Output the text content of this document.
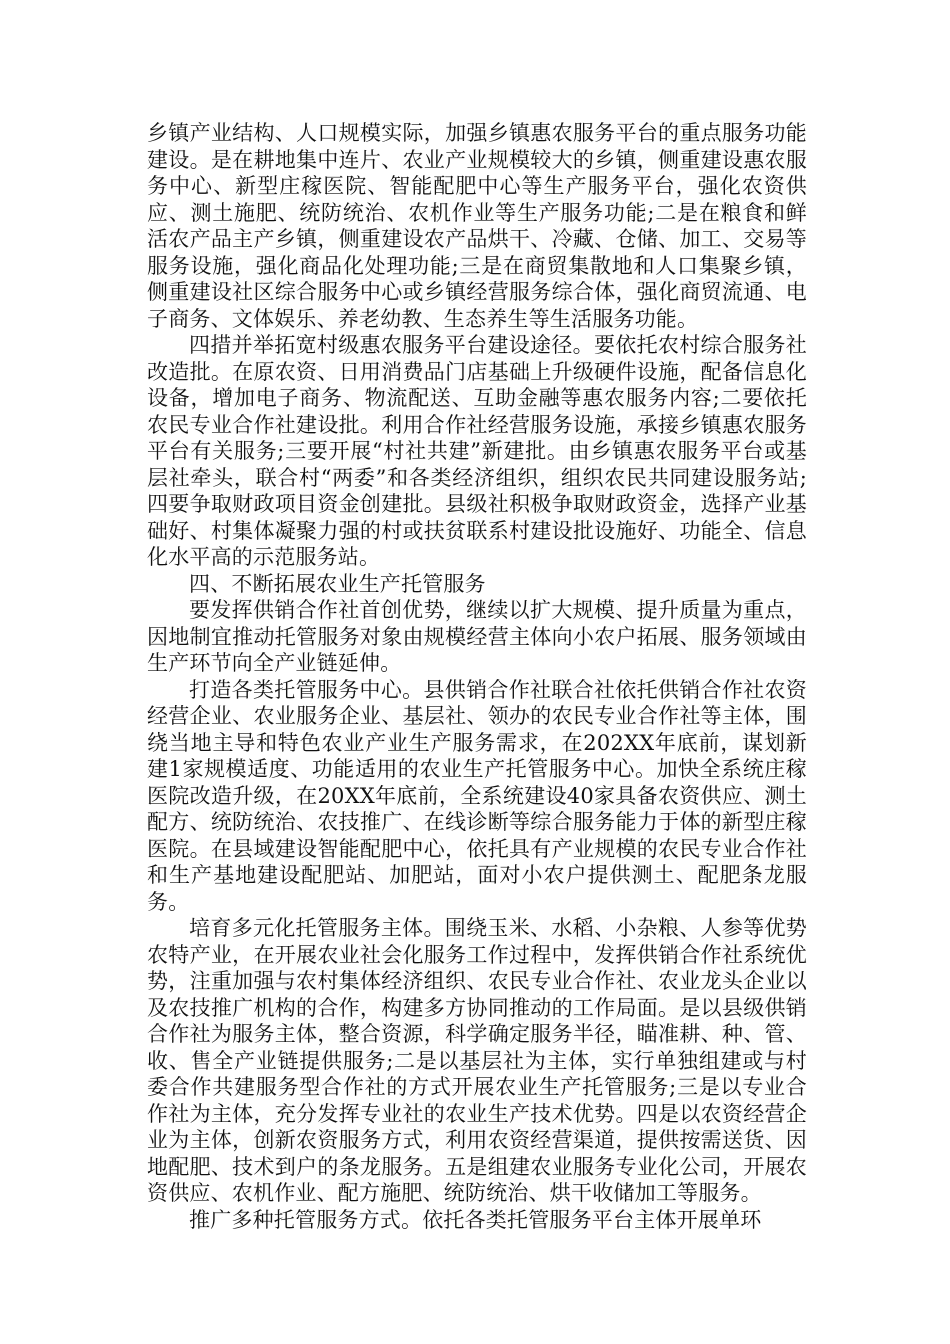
乡镇产业结构、人口规模实际，加强乡镇惠农服务平台的重点服务功能建设。是在耕地集中连片、农业产业规模较大的乡镇，侧重建设惠农服务中心、新型庄稼医院、智能配肥中心等生产服务平台，强化农资供应、测土施肥、统防统治、农机作业等生产服务功能;二是在粮食和鲜活农产品主产乡镇，侧重建设农产品烘干、冷藏、仓储、加工、交易等服务设施，强化商品化处理功能;三是在商贸集散地和人口集聚乡镇，侧重建设社区综合服务中心或乡镇经营服务综合体，强化商贸流通、电子商务、文体娱乐、养老幼教、生态养生等生活服务功能。

四措并举拓宽村级惠农服务平台建设途径。要依托农村综合服务社改造批。在原农资、日用消费品门店基础上升级硬件设施，配备信息化设备，增加电子商务、物流配送、互助金融等惠农服务内容;二要依托农民专业合作社建设批。利用合作社经营服务设施，承接乡镇惠农服务平台有关服务;三要开展“村社共建”新建批。由乡镇惠农服务平台或基层社牵头，联合村“两委”和各类经济组织，组织农民共同建设服务站;四要争取财政项目资金创建批。县级社积极争取财政资金，选择产业基础好、村集体凝聚力强的村或扶贫联系村建设批设施好、功能全、信息化水平高的示范服务站。

四、不断拓展农业生产托管服务

要发挥供销合作社首创优势，继续以扩大规模、提升质量为重点，因地制宜推动托管服务对象由规模经营主体向小农户拓展、服务领域由生产环节向全产业链延伸。

打造各类托管服务中心。县供销合作社联合社依托供销合作社农资经营企业、农业服务企业、基层社、领办的农民专业合作社等主体，围绕当地主导和特色农业产业生产服务需求，在202XX年底前，谋划新建1家规模适度、功能适用的农业生产托管服务中心。加快全系统庄稼医院改造升级，在20XX年底前，全系统建设40家具备农资供应、测土配方、统防统治、农技推广、在线诊断等综合服务能力于体的新型庄稼医院。在县域建设智能配肥中心，依托具有产业规模的农民专业合作社和生产基地建设配肥站、加肥站，面对小农户提供测土、配肥条龙服务。

培育多元化托管服务主体。围绕玉米、水稻、小杂粮、人参等优势农特产业，在开展农业社会化服务工作过程中，发挥供销合作社系统优势，注重加强与农村集体经济组织、农民专业合作社、农业龙头企业以及农技推广机构的合作，构建多方协同推动的工作局面。是以县级供销合作社为服务主体，整合资源，科学确定服务半径，瞄准耕、种、管、收、售全产业链提供服务;二是以基层社为主体，实行单独组建或与村委合作共建服务型合作社的方式开展农业生产托管服务;三是以专业合作社为主体，充分发挥专业社的农业生产技术优势。四是以农资经营企业为主体，创新农资服务方式，利用农资经营渠道，提供按需送货、因地配肥、技术到户的条龙服务。五是组建农业服务专业化公司，开展农资供应、农机作业、配方施肥、统防统治、烘干收储加工等服务。

推广多种托管服务方式。依托各类托管服务平台主体开展单环
